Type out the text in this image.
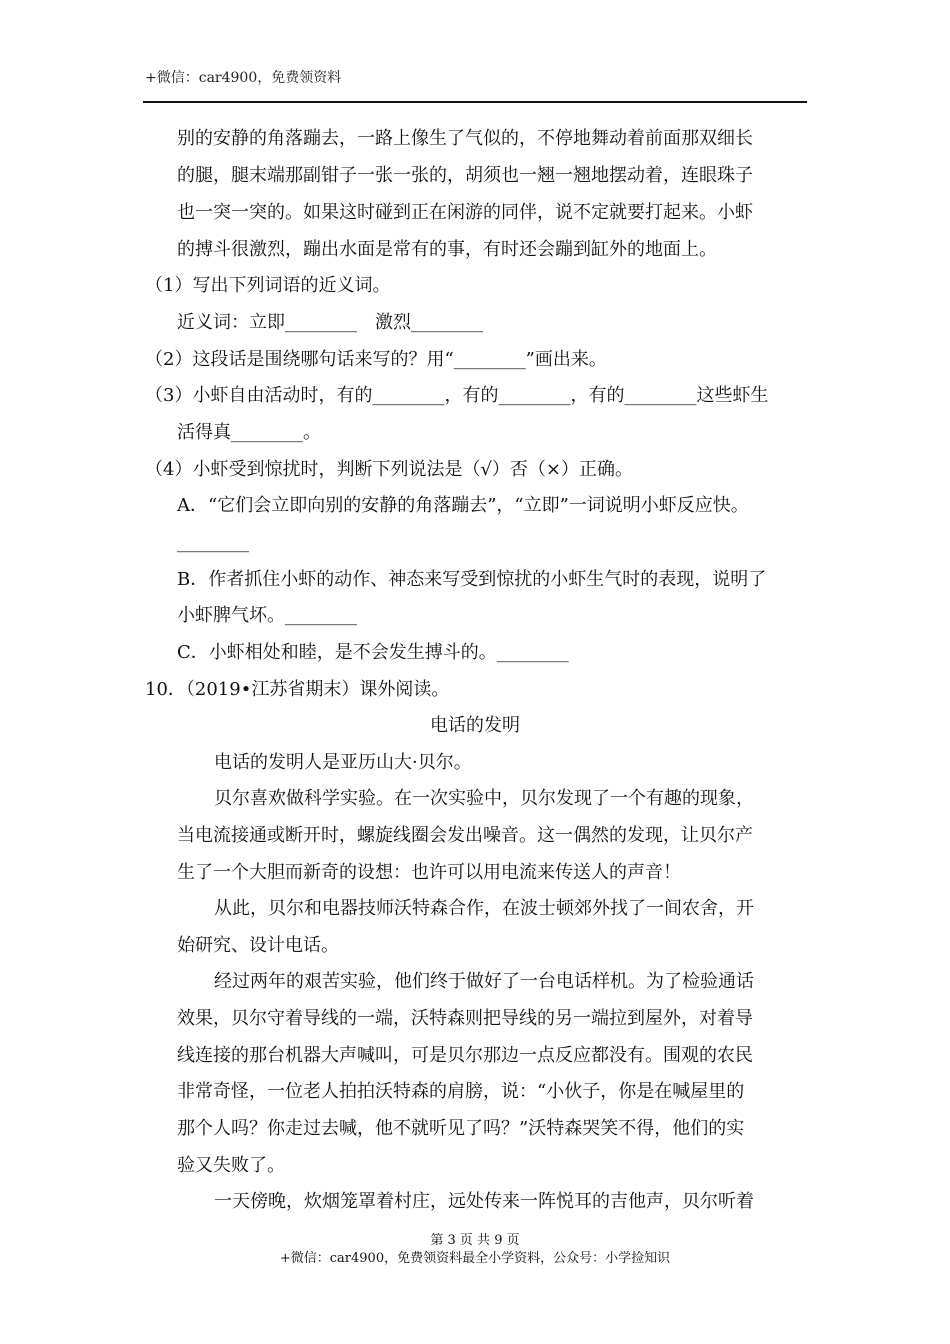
+微信：car4900，免费领资料
别的安静的角落蹦去，一路上像生了气似的，不停地舞动着前面那双细长
的腿，腿末端那副钳子一张一张的，胡须也一翘一翘地摆动着，连眼珠子
也一突一突的。如果这时碰到正在闲游的同伴，说不定就要打起来。小虾
的搏斗很激烈，蹦出水面是常有的事，有时还会蹦到缸外的地面上。
（1）写出下列词语的近义词。
近义词：立即________　激烈________
（2）这段话是围绕哪句话来写的？用“________”画出来。
（3）小虾自由活动时，有的________，有的________，有的________这些虾生
活得真________。
（4）小虾受到惊扰时，判断下列说法是（√）否（×）正确。
A．“它们会立即向别的安静的角落蹦去”，“立即”一词说明小虾反应快。
________
B．作者抓住小虾的动作、神态来写受到惊扰的小虾生气时的表现，说明了
小虾脾气坏。________
C．小虾相处和睦，是不会发生搏斗的。________
10．（2019•江苏省期末）课外阅读。
电话的发明
电话的发明人是亚历山大·贝尔。
贝尔喜欢做科学实验。在一次实验中，贝尔发现了一个有趣的现象，
当电流接通或断开时，螺旋线圈会发出噪音。这一偶然的发现，让贝尔产
生了一个大胆而新奇的设想：也许可以用电流来传送人的声音！
从此，贝尔和电器技师沃特森合作，在波士顿郊外找了一间农舍，开
始研究、设计电话。
经过两年的艰苦实验，他们终于做好了一台电话样机。为了检验通话
效果，贝尔守着导线的一端，沃特森则把导线的另一端拉到屋外，对着导
线连接的那台机器大声喊叫，可是贝尔那边一点反应都没有。围观的农民
非常奇怪，一位老人拍拍沃特森的肩膀，说：“小伙子，你是在喊屋里的
那个人吗？你走过去喊，他不就听见了吗？”沃特森哭笑不得，他们的实
验又失败了。
一天傍晚，炊烟笼罩着村庄，远处传来一阵悦耳的吉他声，贝尔听着
第 3 页 共 9 页
+微信：car4900，免费领资料最全小学资料，公众号：小学捡知识
